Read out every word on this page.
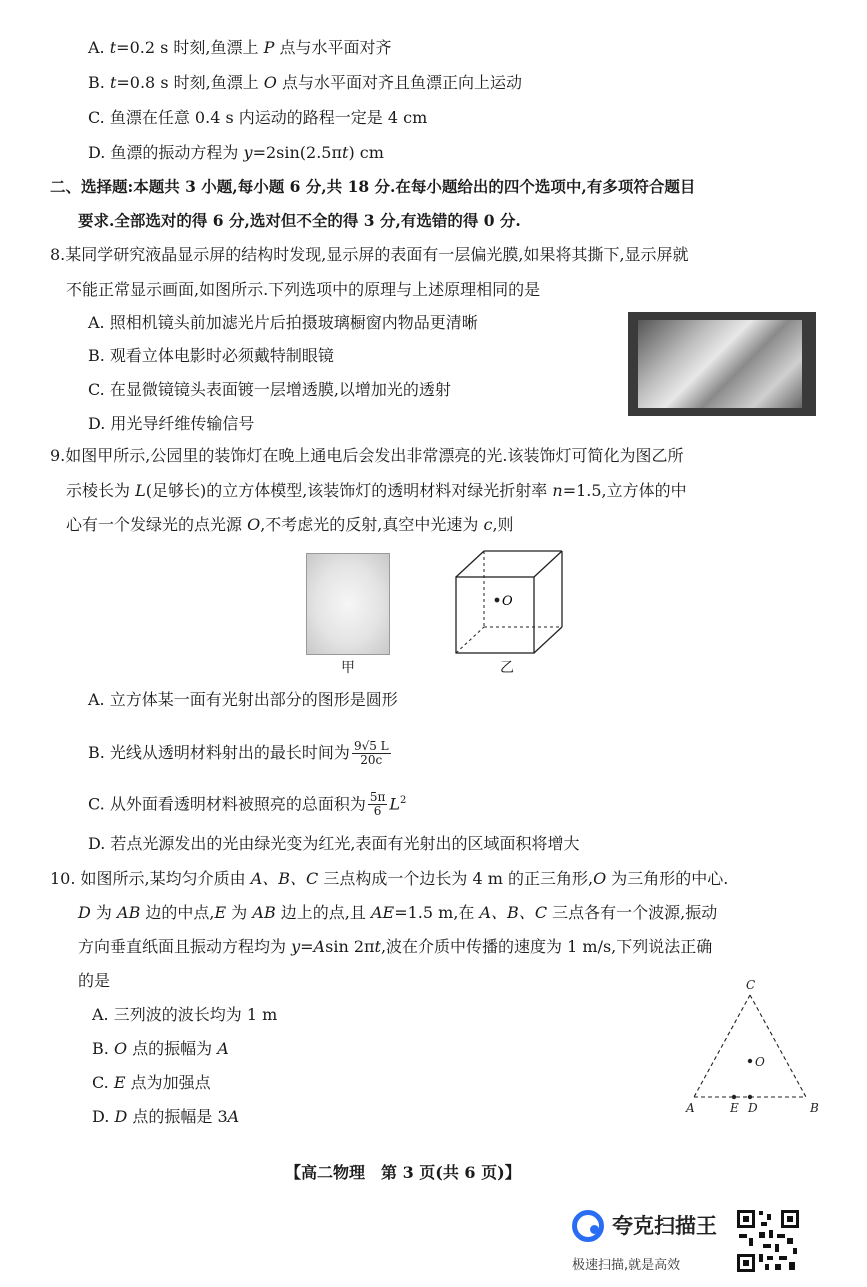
A. t=0.2 s 时刻,鱼漂上 P 点与水平面对齐
B. t=0.8 s 时刻,鱼漂上 O 点与水平面对齐且鱼漂正向上运动
C. 鱼漂在任意 0.4 s 内运动的路程一定是 4 cm
D. 鱼漂的振动方程为 y=2sin(2.5πt) cm
二、选择题:本题共 3 小题,每小题 6 分,共 18 分.在每小题给出的四个选项中,有多项符合题目
要求.全部选对的得 6 分,选对但不全的得 3 分,有选错的得 0 分.
8.某同学研究液晶显示屏的结构时发现,显示屏的表面有一层偏光膜,如果将其撕下,显示屏就
不能正常显示画面,如图所示.下列选项中的原理与上述原理相同的是
A. 照相机镜头前加滤光片后拍摄玻璃橱窗内物品更清晰
B. 观看立体电影时必须戴特制眼镜
C. 在显微镜镜头表面镀一层增透膜,以增加光的透射
D. 用光导纤维传输信号
9.如图甲所示,公园里的装饰灯在晚上通电后会发出非常漂亮的光.该装饰灯可简化为图乙所
示棱长为 L(足够长)的立方体模型,该装饰灯的透明材料对绿光折射率 n=1.5,立方体的中
心有一个发绿光的点光源 O,不考虑光的反射,真空中光速为 c,则
甲
O
乙
A. 立方体某一面有光射出部分的图形是圆形
B. 光线从透明材料射出的最长时间为 $\frac{9√5 L}{20c}$
C. 从外面看透明材料被照亮的总面积为 $\frac{5\pi}{6} L^2$
D. 若点光源发出的光由绿光变为红光,表面有光射出的区域面积将增大
10. 如图所示,某均匀介质由 A、B、C 三点构成一个边长为 4 m 的正三角形,O 为三角形的中心.
D 为 AB 边的中点,E 为 AB 边上的点,且 AE=1.5 m,在 A、B、C 三点各有一个波源,振动
方向垂直纸面且振动方程均为 y=Asin 2πt,波在介质中传播的速度为 1 m/s,下列说法正确
的是
A. 三列波的波长均为 1 m
B. O 点的振幅为 A
C. E 点为加强点
D. D 点的振幅是 3A
C
A	B
E D
O
【高二物理　第 3 页(共 6 页)】
夸克扫描王
极速扫描,就是高效
